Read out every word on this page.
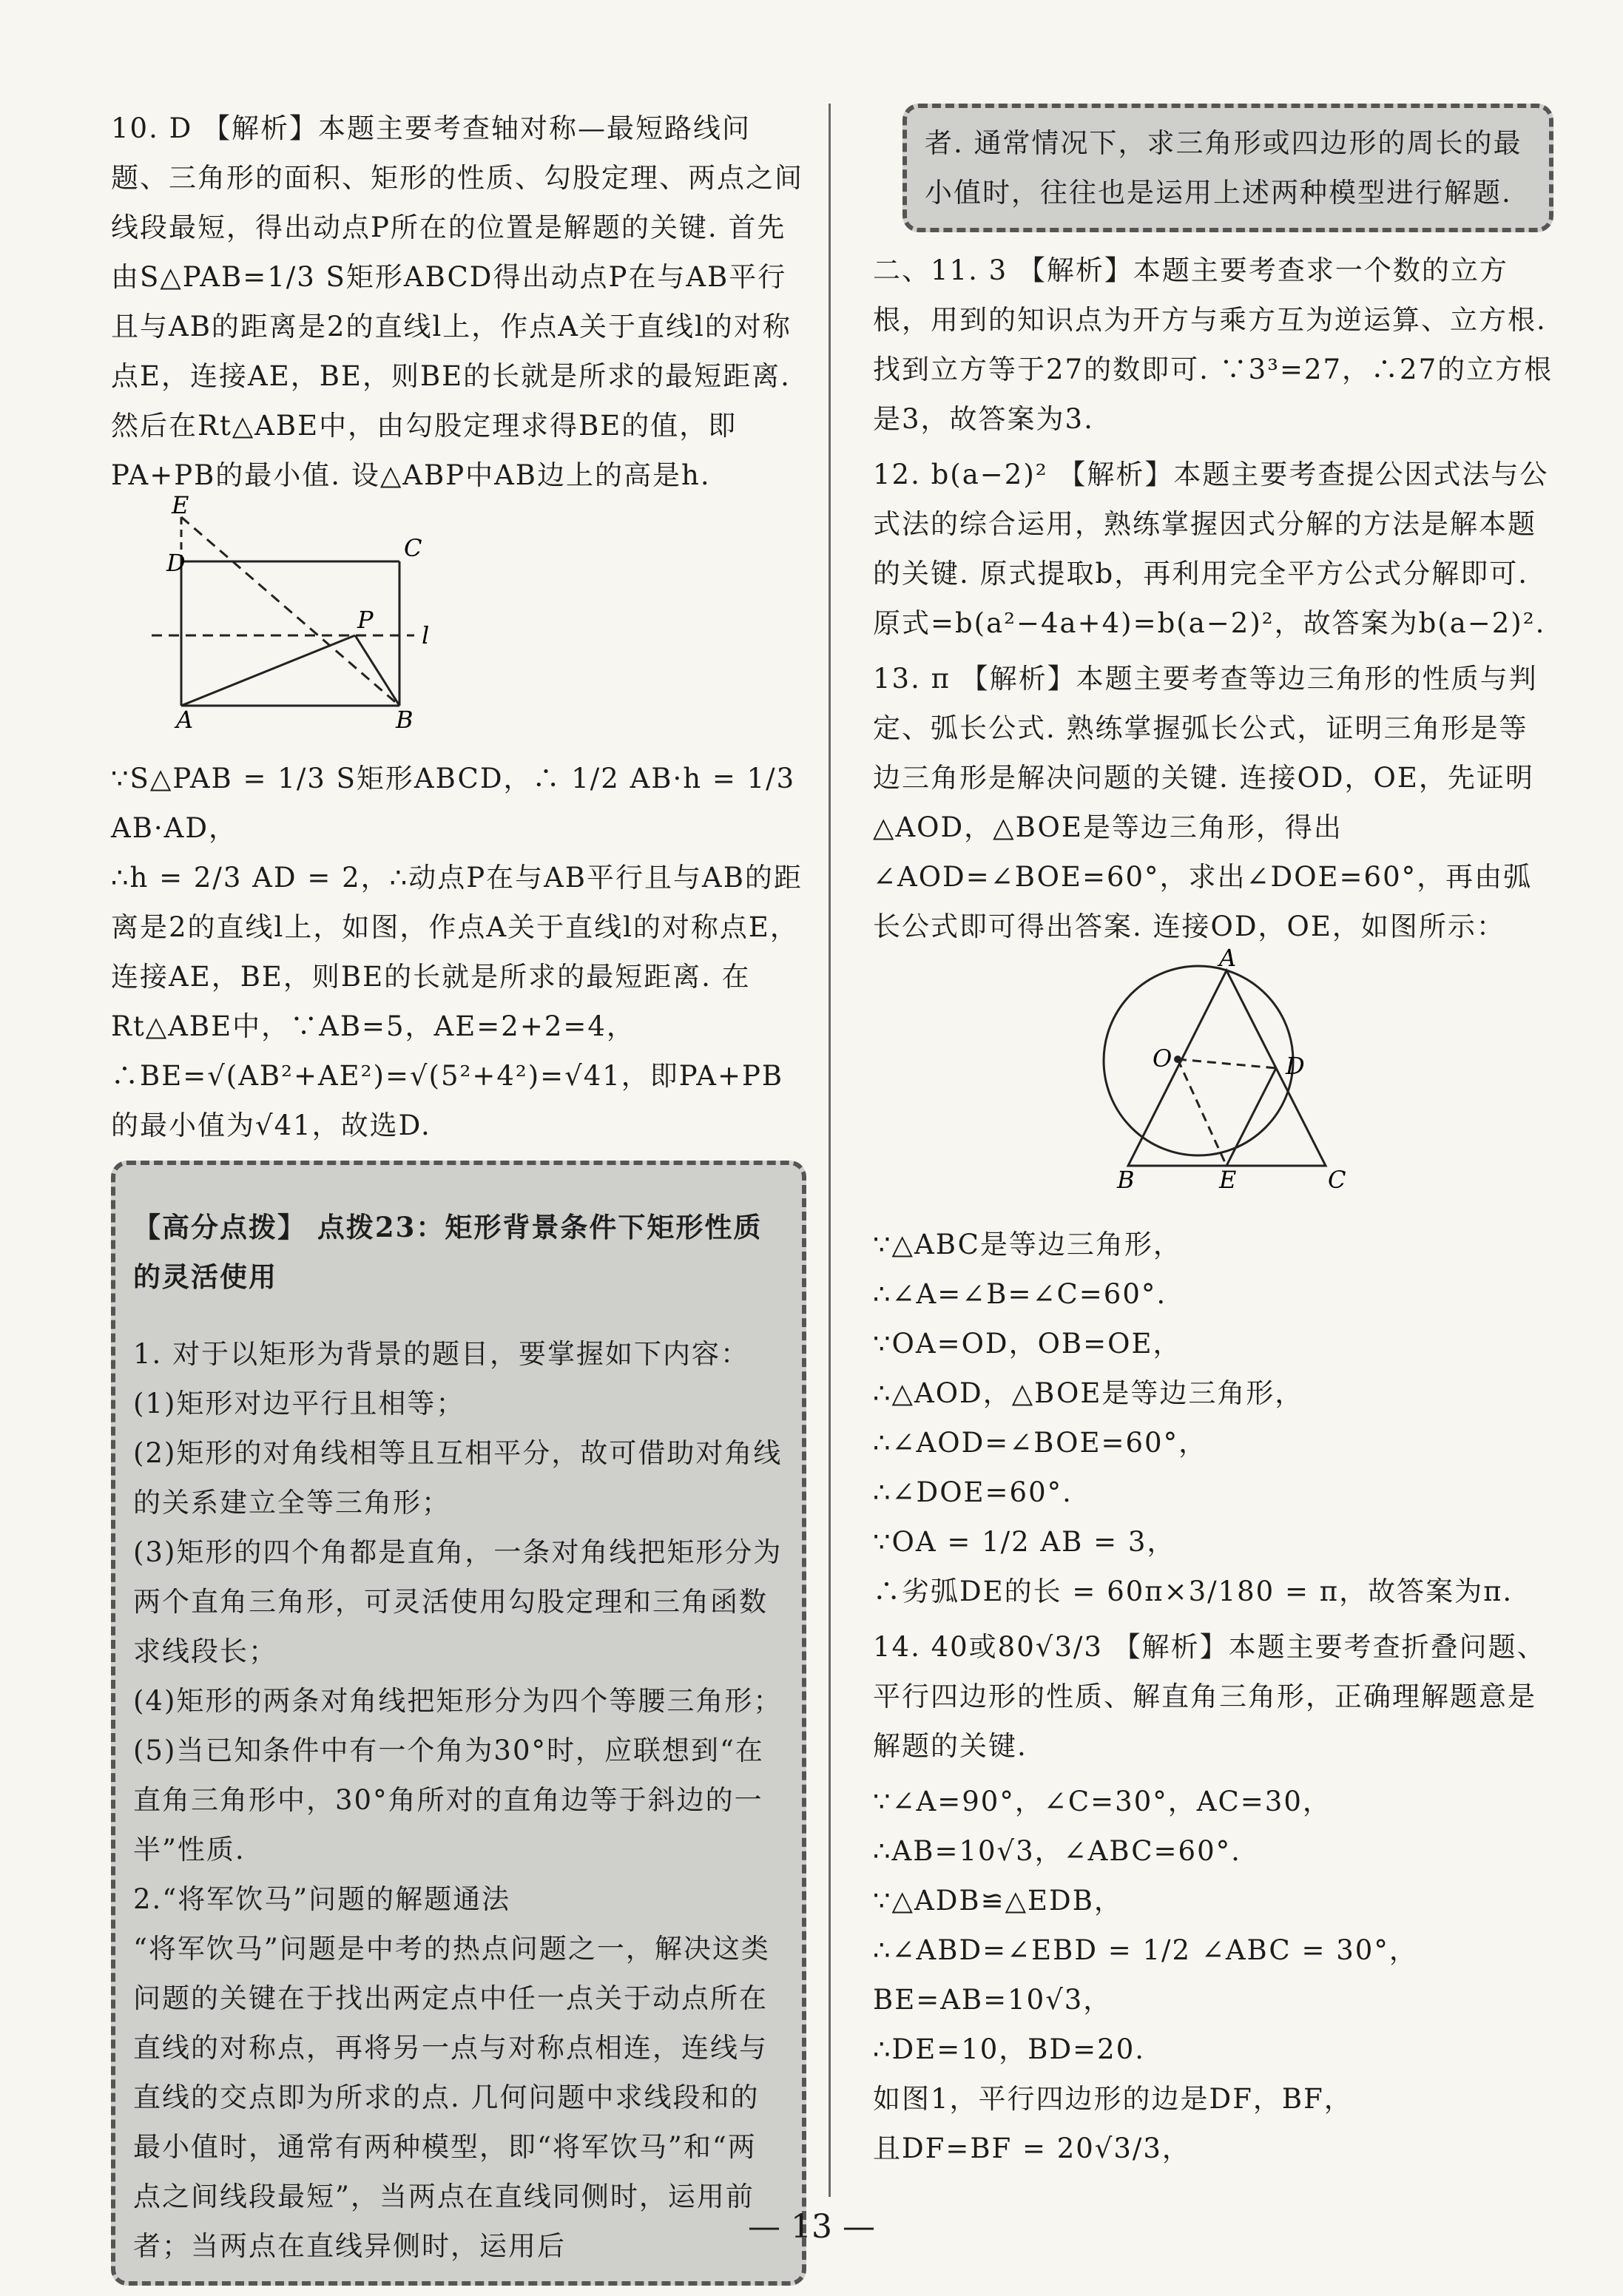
10. D 【解析】本题主要考查轴对称—最短路线问题、三角形的面积、矩形的性质、勾股定理、两点之间线段最短，得出动点P所在的位置是解题的关键. 首先由S△PAB=1/3 S矩形ABCD得出动点P在与AB平行且与AB的距离是2的直线l上，作点A关于直线l的对称点E，连接AE，BE，则BE的长就是所求的最短距离. 然后在Rt△ABE中，由勾股定理求得BE的值，即PA+PB的最小值. 设△ABP中AB边上的高是h.

E
D
C
P
l
A	B

∵S△PAB = 1/3 S矩形ABCD，∴ 1/2 AB·h = 1/3 AB·AD，

∴h = 2/3 AD = 2，∴动点P在与AB平行且与AB的距离是2的直线l上，如图，作点A关于直线l的对称点E，连接AE，BE，则BE的长就是所求的最短距离. 在Rt△ABE中，∵AB=5，AE=2+2=4，∴BE=√(AB²+AE²)=√(5²+4²)=√41，即PA+PB的最小值为√41，故选D.

【高分点拨】 点拨23：矩形背景条件下矩形性质的灵活使用

1. 对于以矩形为背景的题目，要掌握如下内容：

(1)矩形对边平行且相等；

(2)矩形的对角线相等且互相平分，故可借助对角线的关系建立全等三角形；

(3)矩形的四个角都是直角，一条对角线把矩形分为两个直角三角形，可灵活使用勾股定理和三角函数求线段长；

(4)矩形的两条对角线把矩形分为四个等腰三角形；

(5)当已知条件中有一个角为30°时，应联想到“在直角三角形中，30°角所对的直角边等于斜边的一半”性质.

2.“将军饮马”问题的解题通法

“将军饮马”问题是中考的热点问题之一，解决这类问题的关键在于找出两定点中任一点关于动点所在直线的对称点，再将另一点与对称点相连，连线与直线的交点即为所求的点. 几何问题中求线段和的最小值时，通常有两种模型，即“将军饮马”和“两点之间线段最短”，当两点在直线同侧时，运用前者；当两点在直线异侧时，运用后

者. 通常情况下，求三角形或四边形的周长的最小值时，往往也是运用上述两种模型进行解题.

二、11. 3 【解析】本题主要考查求一个数的立方根，用到的知识点为开方与乘方互为逆运算、立方根. 找到立方等于27的数即可. ∵3³=27，∴27的立方根是3，故答案为3.

12. b(a−2)² 【解析】本题主要考查提公因式法与公式法的综合运用，熟练掌握因式分解的方法是解本题的关键. 原式提取b，再利用完全平方公式分解即可. 原式=b(a²−4a+4)=b(a−2)²，故答案为b(a−2)².

13. π 【解析】本题主要考查等边三角形的性质与判定、弧长公式. 熟练掌握弧长公式，证明三角形是等边三角形是解决问题的关键. 连接OD，OE，先证明△AOD，△BOE是等边三角形，得出∠AOD=∠BOE=60°，求出∠DOE=60°，再由弧长公式即可得出答案. 连接OD，OE，如图所示：

A
O	D
B	E	C

∵△ABC是等边三角形，

∴∠A=∠B=∠C=60°.

∵OA=OD，OB=OE，

∴△AOD，△BOE是等边三角形，

∴∠AOD=∠BOE=60°，

∴∠DOE=60°.

∵OA = 1/2 AB = 3，

∴劣弧DE的长 = 60π×3/180 = π，故答案为π.

14. 40或80√3/3 【解析】本题主要考查折叠问题、平行四边形的性质、解直角三角形，正确理解题意是解题的关键.

∵∠A=90°，∠C=30°，AC=30，

∴AB=10√3，∠ABC=60°.

∵△ADB≌△EDB，

∴∠ABD=∠EBD = 1/2 ∠ABC = 30°，

BE=AB=10√3，

∴DE=10，BD=20.

如图1，平行四边形的边是DF，BF，

且DF=BF = 20√3/3，

— 13 —
